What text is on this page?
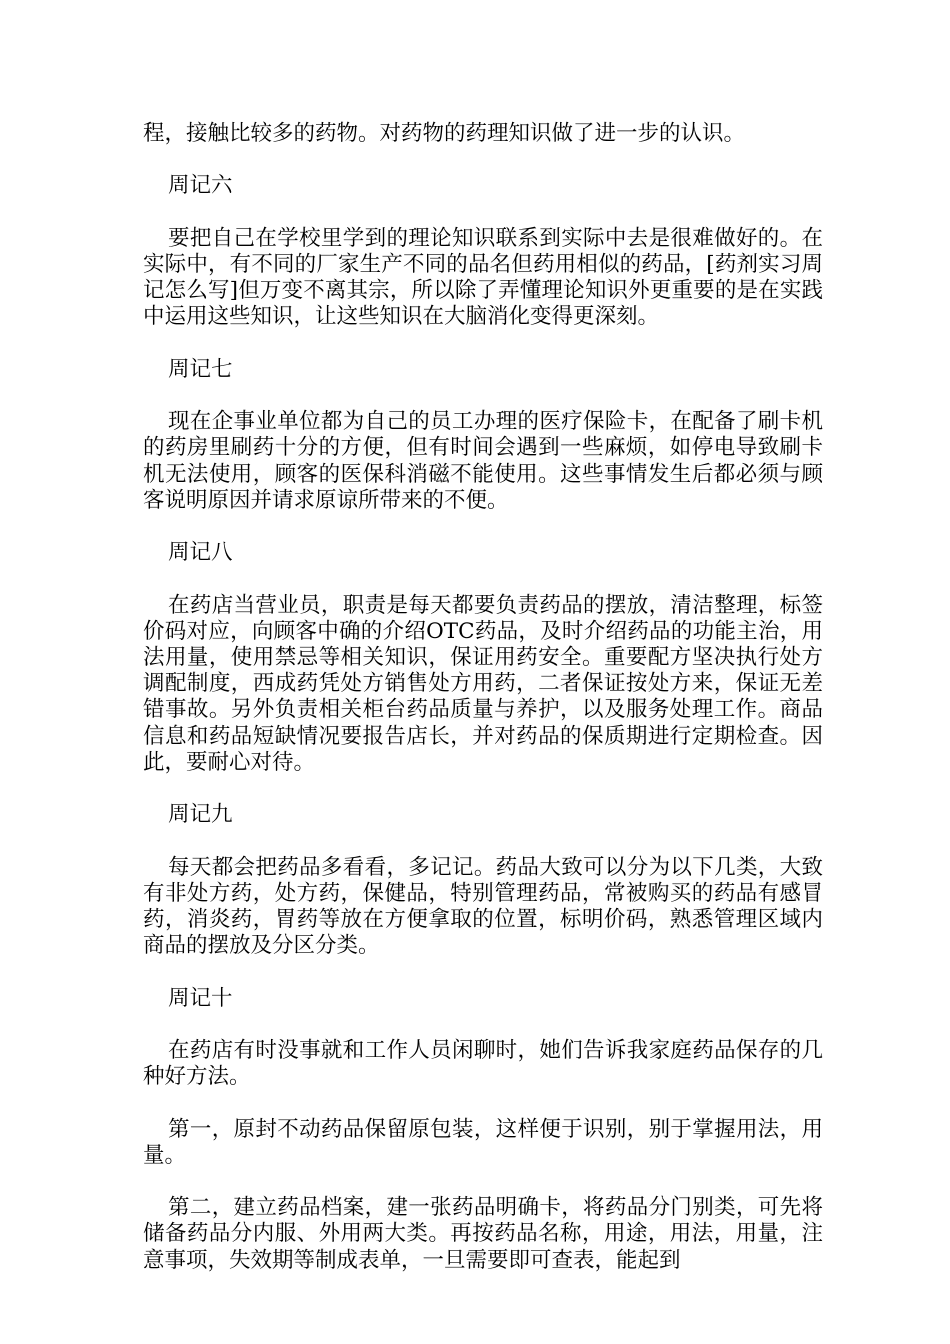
程，接触比较多的药物。对药物的药理知识做了进一步的认识。

周记六

要把自己在学校里学到的理论知识联系到实际中去是很难做好的。在实际中，有不同的厂家生产不同的品名但药用相似的药品，[药剂实习周记怎么写]但万变不离其宗，所以除了弄懂理论知识外更重要的是在实践中运用这些知识，让这些知识在大脑消化变得更深刻。

周记七

现在企事业单位都为自己的员工办理的医疗保险卡，在配备了刷卡机的药房里刷药十分的方便，但有时间会遇到一些麻烦，如停电导致刷卡机无法使用，顾客的医保科消磁不能使用。这些事情发生后都必须与顾客说明原因并请求原谅所带来的不便。

周记八

在药店当营业员，职责是每天都要负责药品的摆放，清洁整理，标签价码对应，向顾客中确的介绍OTC药品，及时介绍药品的功能主治，用法用量，使用禁忌等相关知识，保证用药安全。重要配方坚决执行处方调配制度，西成药凭处方销售处方用药，二者保证按处方来，保证无差错事故。另外负责相关柜台药品质量与养护，以及服务处理工作。商品信息和药品短缺情况要报告店长，并对药品的保质期进行定期检查。因此，要耐心对待。

周记九

每天都会把药品多看看，多记记。药品大致可以分为以下几类，大致有非处方药，处方药，保健品，特别管理药品，常被购买的药品有感冒药，消炎药，胃药等放在方便拿取的位置，标明价码，熟悉管理区域内商品的摆放及分区分类。

周记十

在药店有时没事就和工作人员闲聊时，她们告诉我家庭药品保存的几种好方法。

第一，原封不动药品保留原包装，这样便于识别，别于掌握用法，用量。

第二，建立药品档案，建一张药品明确卡，将药品分门别类，可先将储备药品分内服、外用两大类。再按药品名称，用途，用法，用量，注意事项，失效期等制成表单，一旦需要即可查表，能起到
